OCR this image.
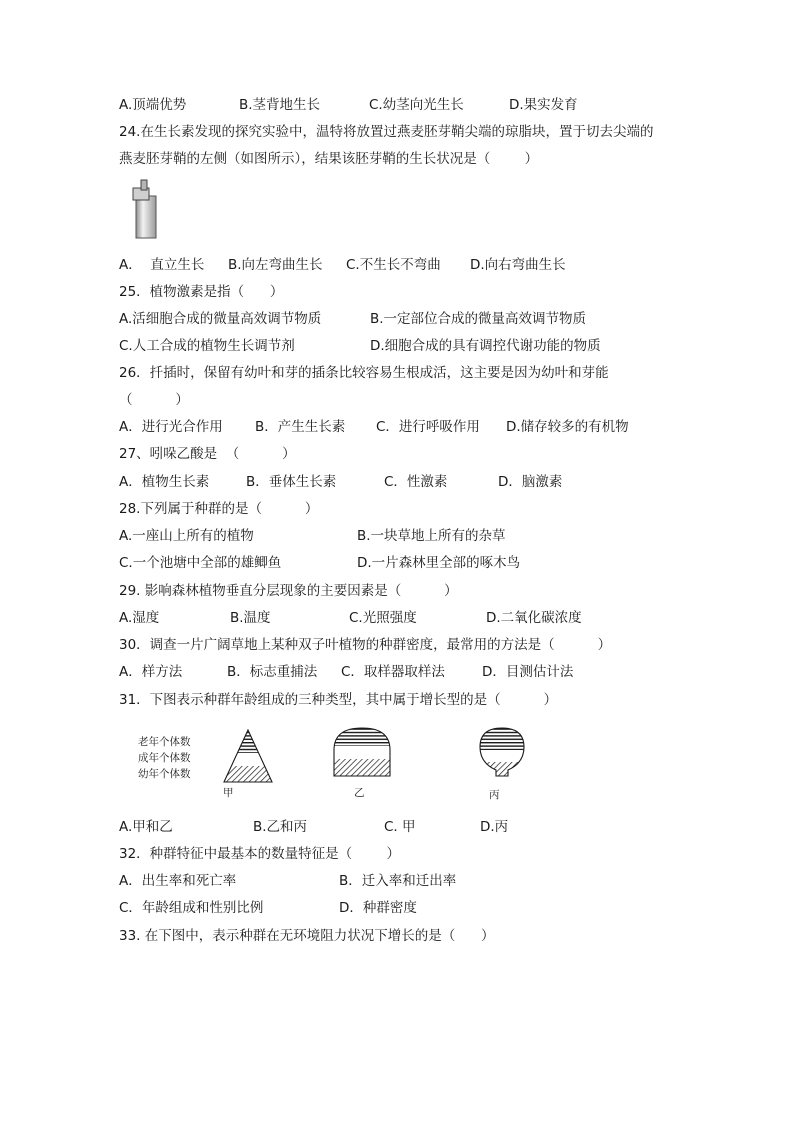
A.顶端优势	B.茎背地生长	C.幼茎向光生长	D.果实发育
24.在生长素发现的探究实验中，温特将放置过燕麦胚芽鞘尖端的琼脂块，置于切去尖端的
燕麦胚芽鞘的左侧（如图所示），结果该胚芽鞘的生长状况是（        ）
A．  直立生长 B.向左弯曲生长 C.不生长不弯曲 D.向右弯曲生长
25．植物激素是指（      ）
A.活细胞合成的微量高效调节物质	B.一定部位合成的微量高效调节物质
C.人工合成的植物生长调节剂	D.细胞合成的具有调控代谢功能的物质
26．扦插时，保留有幼叶和芽的插条比较容易生根成活，这主要是因为幼叶和芽能
（          ）
A．进行光合作用 B．产生生长素 C．进行呼吸作用 D.储存较多的有机物
27、吲哚乙酸是  （          ）
A．植物生长素	B．垂体生长素	C．性激素	D．脑激素
28.下列属于种群的是（          ）
A.一座山上所有的植物	B.一块草地上所有的杂草
C.一个池塘中全部的雄鲫鱼	D.一片森林里全部的啄木鸟
29. 影响森林植物垂直分层现象的主要因素是（          ）
A.湿度	B.温度	C.光照强度	D.二氧化碳浓度
30．调查一片广阔草地上某种双子叶植物的种群密度，最常用的方法是（          ）
A．样方法	B．标志重捕法 C．取样器取样法	D．目测估计法
31．下图表示种群年龄组成的三种类型，其中属于增长型的是（          ）
老年个体数
成年个体数
幼年个体数
甲	乙	丙
A.甲和乙	B.乙和丙	C. 甲	D.丙
32．种群特征中最基本的数量特征是（        ）
A．出生率和死亡率	B．迁入率和迁出率
C．年龄组成和性别比例	D．种群密度
33. 在下图中，表示种群在无环境阻力状况下增长的是（      ）
